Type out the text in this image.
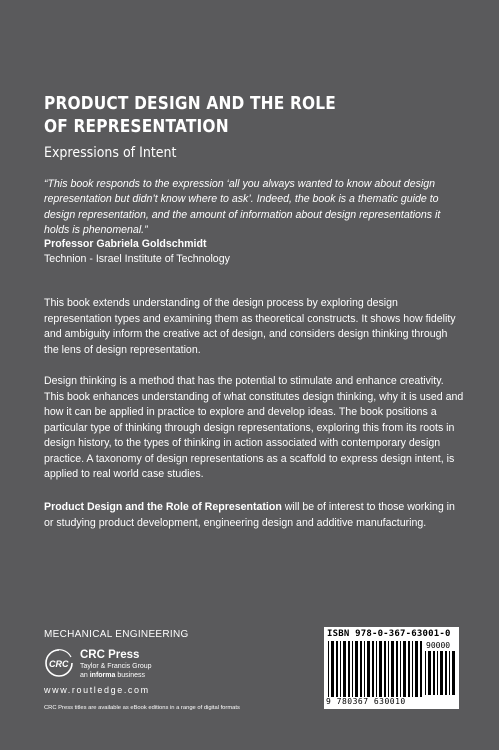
PRODUCT DESIGN AND THE ROLE
OF REPRESENTATION
Expressions of Intent
“This book responds to the expression ‘all you always wanted to know about design representation but didn’t know where to ask’. Indeed, the book is a thematic guide to design representation, and the amount of information about design representations it holds is phenomenal.”
Professor Gabriela Goldschmidt
Technion - Israel Institute of Technology
This book extends understanding of the design process by exploring design representation types and examining them as theoretical constructs. It shows how fidelity and ambiguity inform the creative act of design, and considers design thinking through the lens of design representation.
Design thinking is a method that has the potential to stimulate and enhance creativity. This book enhances understanding of what constitutes design thinking, why it is used and how it can be applied in practice to explore and develop ideas. The book positions a particular type of thinking through design representations, exploring this from its roots in design history, to the types of thinking in action associated with contemporary design practice. A taxonomy of design representations as a scaffold to express design intent, is applied to real world case studies.
Product Design and the Role of Representation will be of interest to those working in or studying product development, engineering design and additive manufacturing.
MECHANICAL ENGINEERING
CRC
CRC Press
Taylor & Francis Group
an informa business
www.routledge.com
CRC Press titles are available as eBook editions in a range of digital formats
ISBN 978-0-367-63001-0
90000
9 780367 630010
